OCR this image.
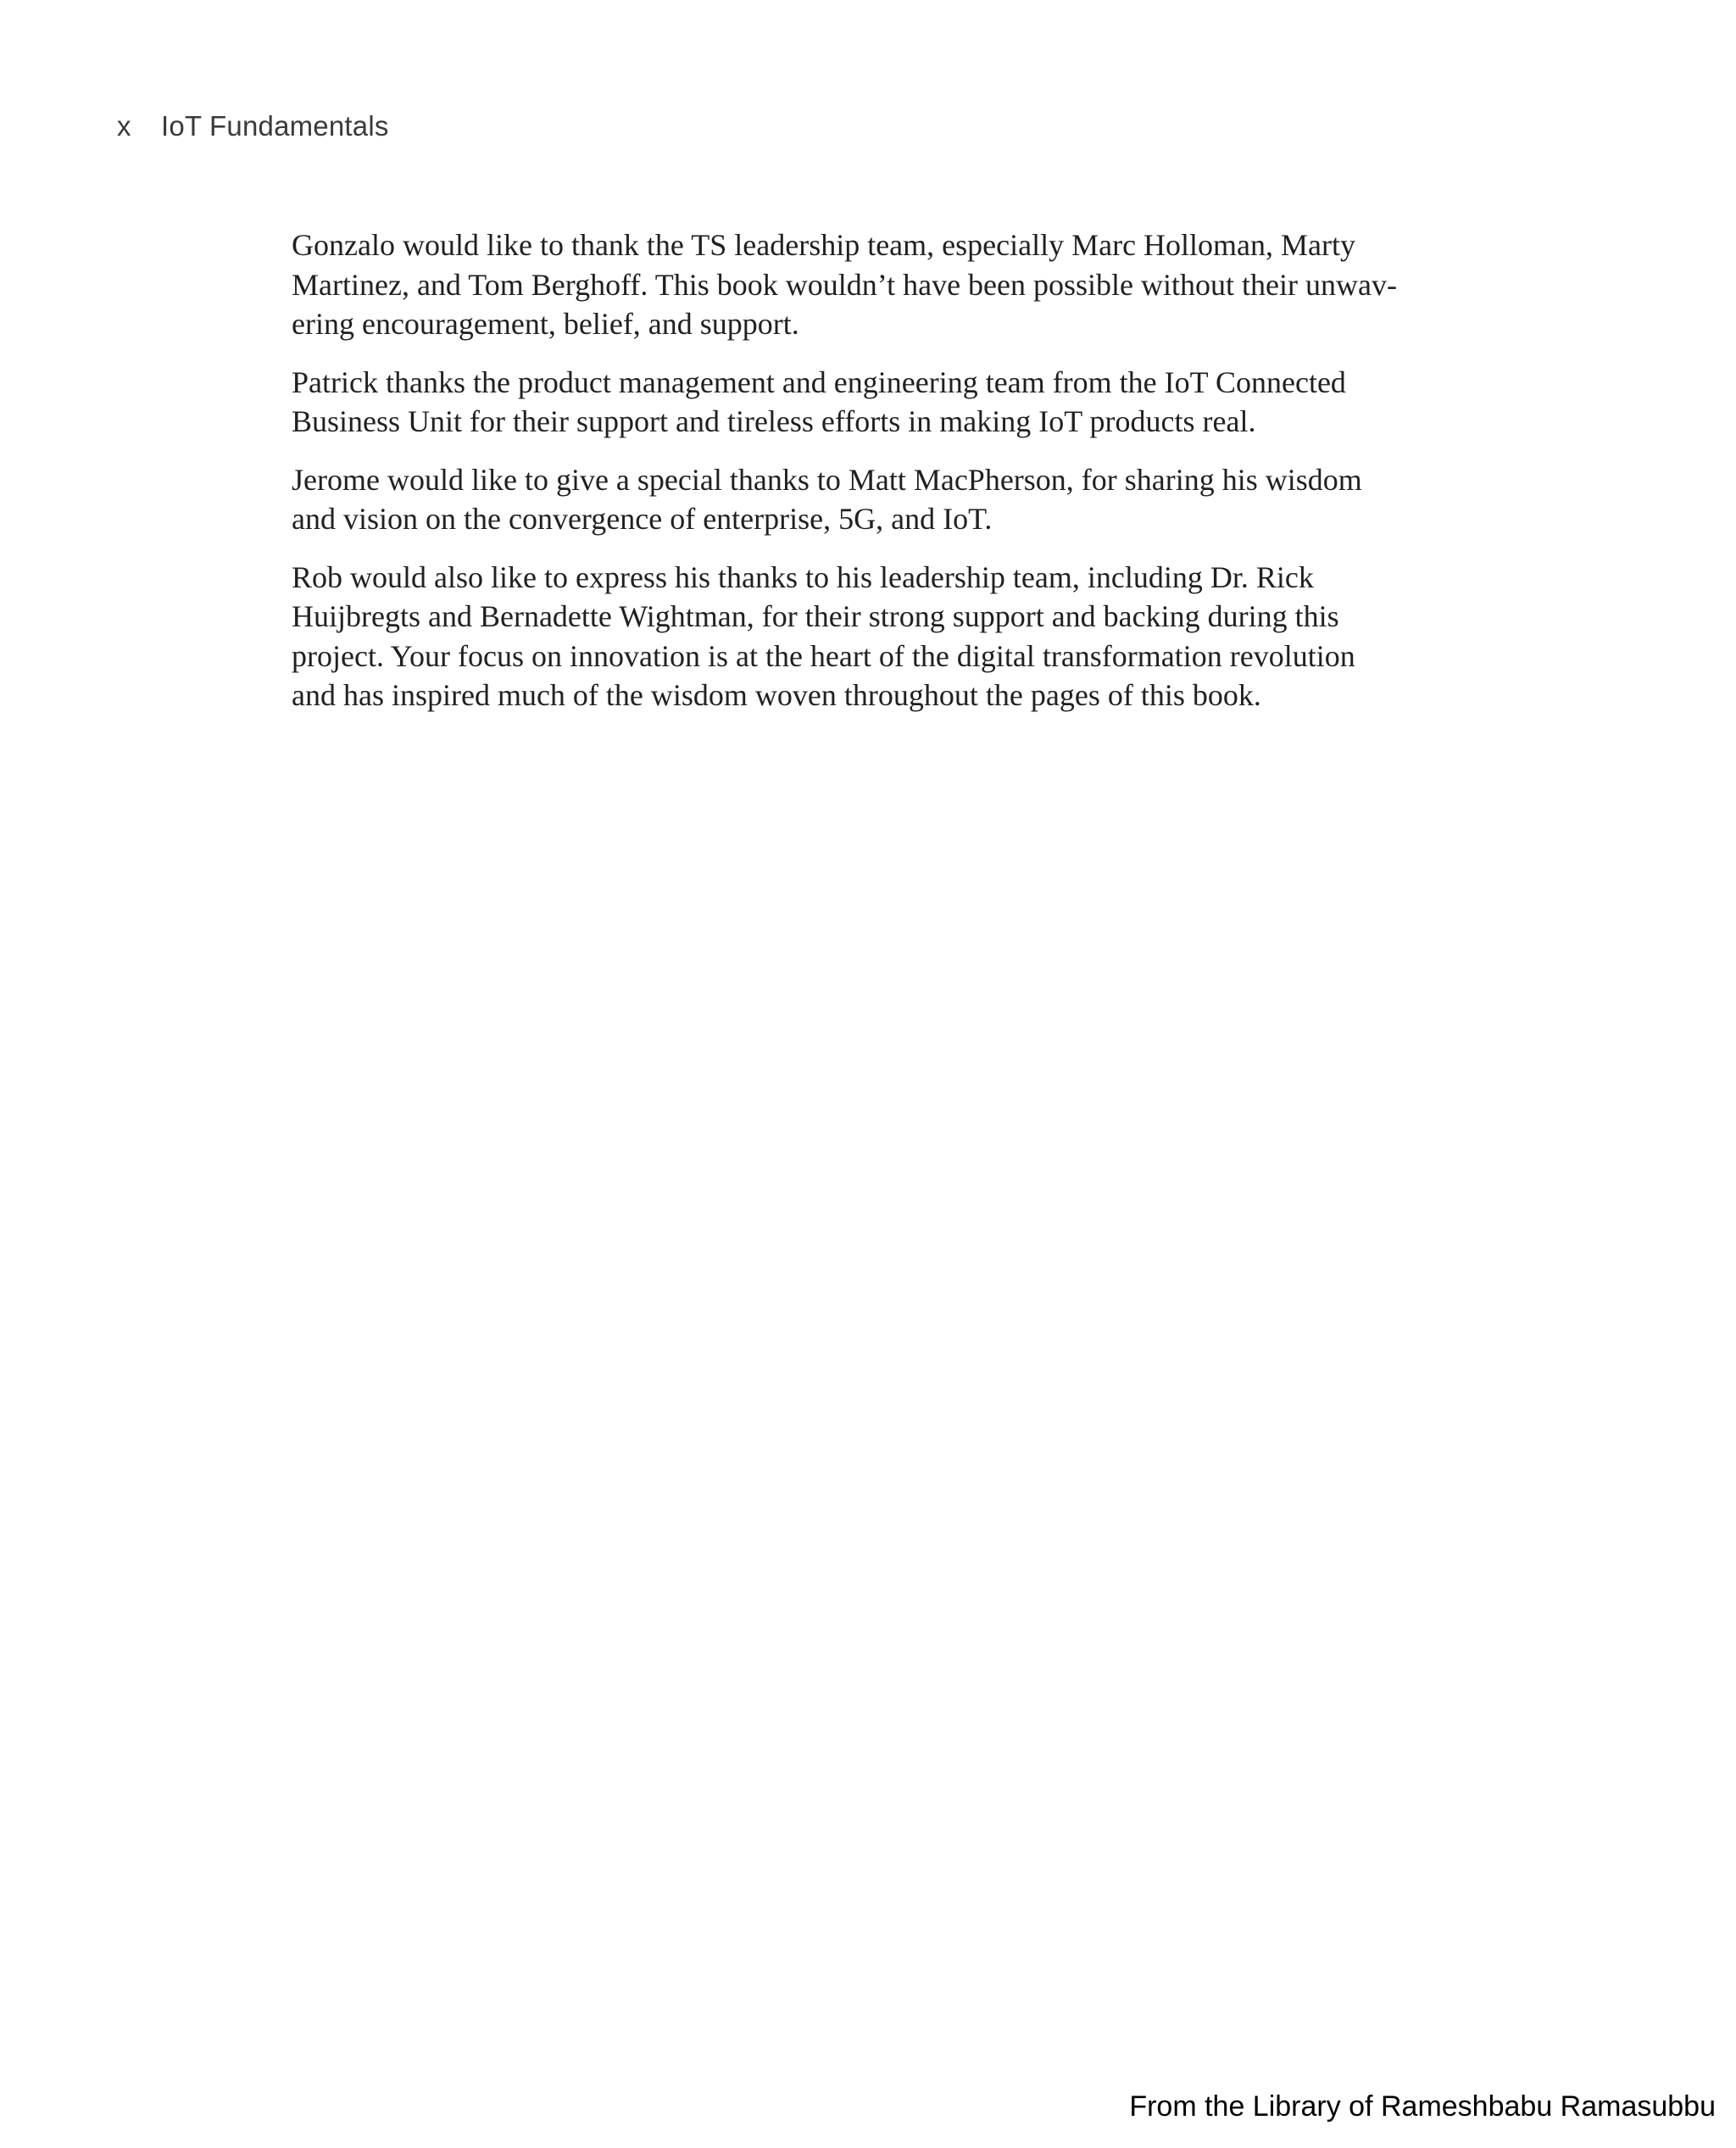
x IoT Fundamentals

Gonzalo would like to thank the TS leadership team, especially Marc Holloman, Marty
Martinez, and Tom Berghoff. This book wouldn’t have been possible without their unwav-
ering encouragement, belief, and support.

Patrick thanks the product management and engineering team from the IoT Connected
Business Unit for their support and tireless efforts in making IoT products real.

Jerome would like to give a special thanks to Matt MacPherson, for sharing his wisdom
and vision on the convergence of enterprise, 5G, and IoT.

Rob would also like to express his thanks to his leadership team, including Dr. Rick
Huijbregts and Bernadette Wightman, for their strong support and backing during this
project. Your focus on innovation is at the heart of the digital transformation revolution
and has inspired much of the wisdom woven throughout the pages of this book.

From the Library of Rameshbabu Ramasubbu
